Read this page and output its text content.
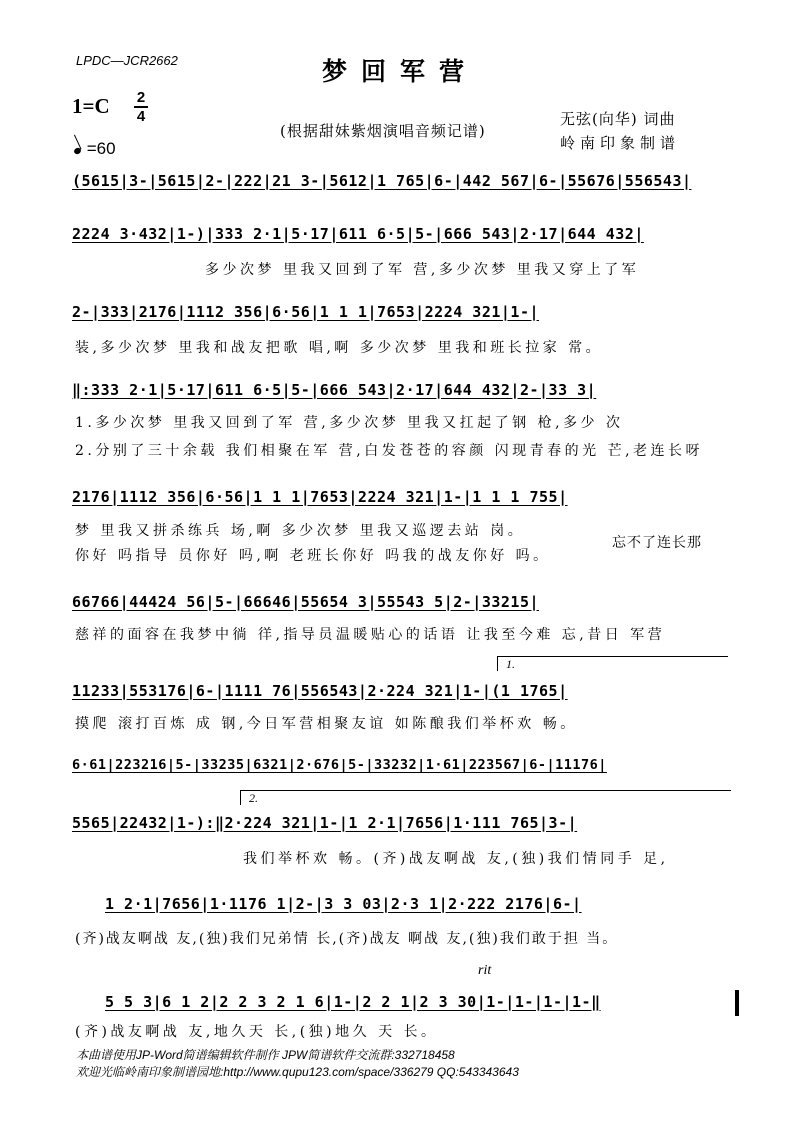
LPDC—JCR2662	梦回军营
1=C 2
4
=60
(根据甜妹紫烟演唱音频记谱)
无弦(向华) 词曲
岭南印象制谱
(5615|3-|5615|2-|222|21 3-|5612|1 765|6-|442 567|6-|55676|556543|
2224 3·432|1-)|333 2·1|5·17|611 6·5|5-|666 543|2·17|644 432|
多少次梦 里我又回到了军 营,多少次梦 里我又穿上了军
2-|333|2176|1112 356|6·56|1 1 1|7653|2224 321|1-|
装,多少次梦 里我和战友把歌 唱,啊 多少次梦 里我和班长拉家 常。
‖:333 2·1|5·17|611 6·5|5-|666 543|2·17|644 432|2-|33 3|
1.多少次梦 里我又回到了军 营,多少次梦 里我又扛起了钢 枪,多少 次
2.分别了三十余载 我们相聚在军 营,白发苍苍的容颜 闪现青春的光 芒,老连长呀
2176|1112 356|6·56|1 1 1|7653|2224 321|1-|1 1 1 755|
梦 里我又拼杀练兵 场,啊 多少次梦 里我又巡逻去站 岗。
你好 吗指导 员你好 吗,啊 老班长你好 吗我的战友你好 吗。
忘不了连长那
66766|44424 56|5-|66646|55654 3|55543 5|2-|33215|
慈祥的面容在我梦中徜 徉,指导员温暖贴心的话语 让我至今难 忘,昔日 军营
1.
11233|553176|6-|1111 76|556543|2·224 321|1-|(1 1765|
摸爬 滚打百炼 成 钢,今日军营相聚友谊 如陈酿我们举杯欢 畅。
6·61|223216|5-|33235|6321|2·676|5-|33232|1·61|223567|6-|11176|
2.
5565|22432|1-):‖2·224 321|1-|1 2·1|7656|1·111 765|3-|
我们举杯欢 畅。(齐)战友啊战 友,(独)我们情同手 足,
1 2·1|7656|1·1176 1|2-|3 3 03|2·3 1|2·222 2176|6-|
(齐)战友啊战 友,(独)我们兄弟情 长,(齐)战友 啊战 友,(独)我们敢于担 当。
rit
5 5 3|6 1 2|2 2 3 2 1 6|1-|2 2 1|2 3 30|1-|1-|1-|1-‖
(齐)战友啊战 友,地久天 长,(独)地久 天 长。
本曲谱使用JP-Word简谱编辑软件制作 JPW简谱软件交流群:332718458
欢迎光临岭南印象制谱园地:http://www.qupu123.com/space/336279 QQ:543343643
